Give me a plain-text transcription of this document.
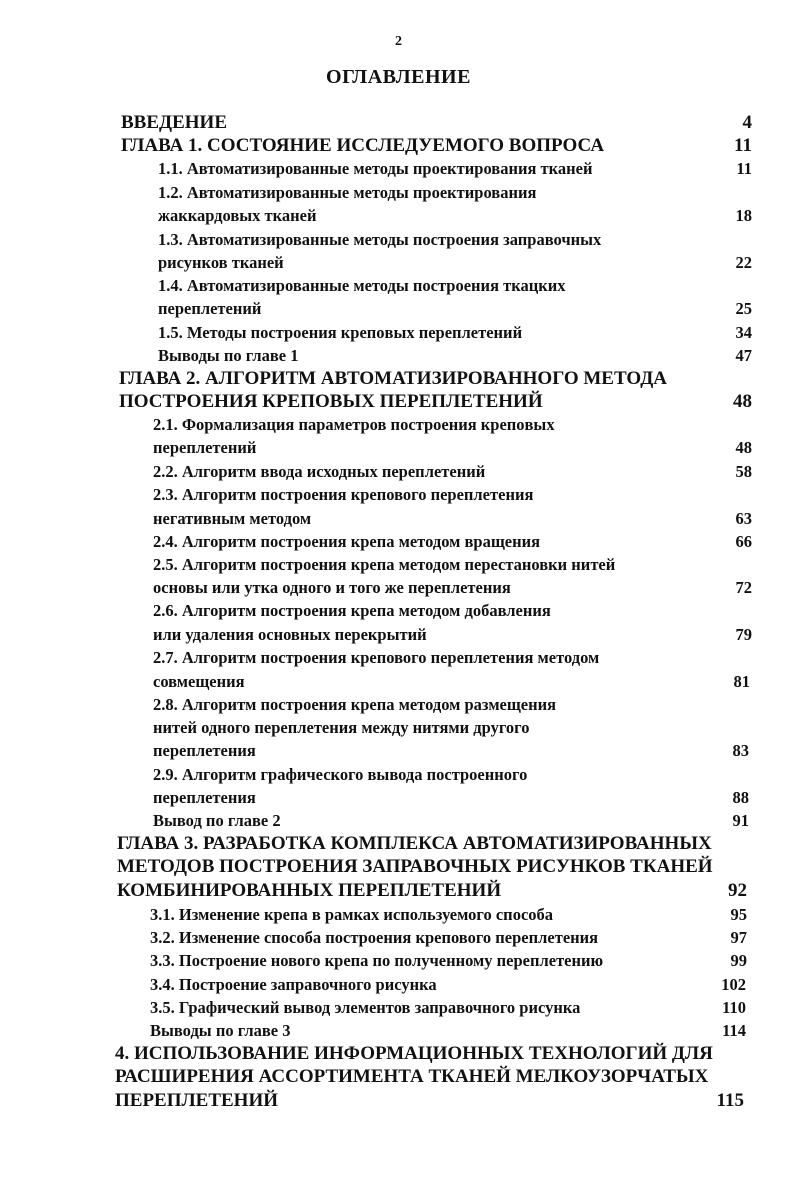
2
ОГЛАВЛЕНИЕ
ВВЕДЕНИЕ
ГЛАВА 1. СОСТОЯНИЕ ИССЛЕДУЕМОГО ВОПРОСА
1.1. Автоматизированные методы проектирования тканей
1.2. Автоматизированные методы проектирования
жаккардовых тканей
1.3. Автоматизированные методы построения заправочных
рисунков тканей
1.4. Автоматизированные методы построения ткацких
переплетений
1.5. Методы построения крепoвых переплетений
Выводы по главе 1
ГЛАВА 2. АЛГОРИТМ АВТОМАТИЗИРОВАННОГО МЕТОДА
ПОСТРОЕНИЯ КРЕПОВЫХ ПЕРЕПЛЕТЕНИЙ
2.1. Формализация параметров построения крепoвых
переплетений
2.2. Алгоритм ввода исходных переплетений
2.3. Алгоритм построения крепового переплетения
негативным методом
2.4. Алгоритм построения крепа методом вращения
2.5. Алгоритм построения крепа методом перестановки нитей
основы или утка одного и того же переплетения
2.6. Алгоритм построения крепа методом добавления
или удаления основных перекрытий
2.7. Алгоритм построения крепового переплетения методом
совмещения
2.8. Алгоритм построения крепа методом размещения
нитей одного переплетения между нитями другого
переплетения
2.9. Алгоритм графического вывода построенного
переплетения
Вывод по главе 2
ГЛАВА 3. РАЗРАБОТКА КОМПЛЕКСА АВТОМАТИЗИРОВАННЫХ
МЕТОДОВ ПОСТРОЕНИЯ ЗАПРАВОЧНЫХ РИСУНКОВ ТКАНЕЙ
КОМБИНИРОВАННЫХ ПЕРЕПЛЕТЕНИЙ
3.1. Изменение крепа в рамках используемого способа
3.2. Изменение способа построения крепового переплетения
3.3. Построение нового крепа по полученному переплетению
3.4. Построение заправочного рисунка
3.5. Графический вывод элементов заправочного рисунка
Выводы по главе 3
4. ИСПОЛЬЗОВАНИЕ ИНФОРМАЦИОННЫХ ТЕХНОЛОГИЙ ДЛЯ
РАСШИРЕНИЯ АССОРТИМЕНТА ТКАНЕЙ МЕЛКОУЗОРЧАТЫХ
ПЕРЕПЛЕТЕНИЙ
4
11
11
18
22
25
34
47
48
48
58
63
66
72
79
81
83
88
91
92
95
97
99
102
110
114
115
